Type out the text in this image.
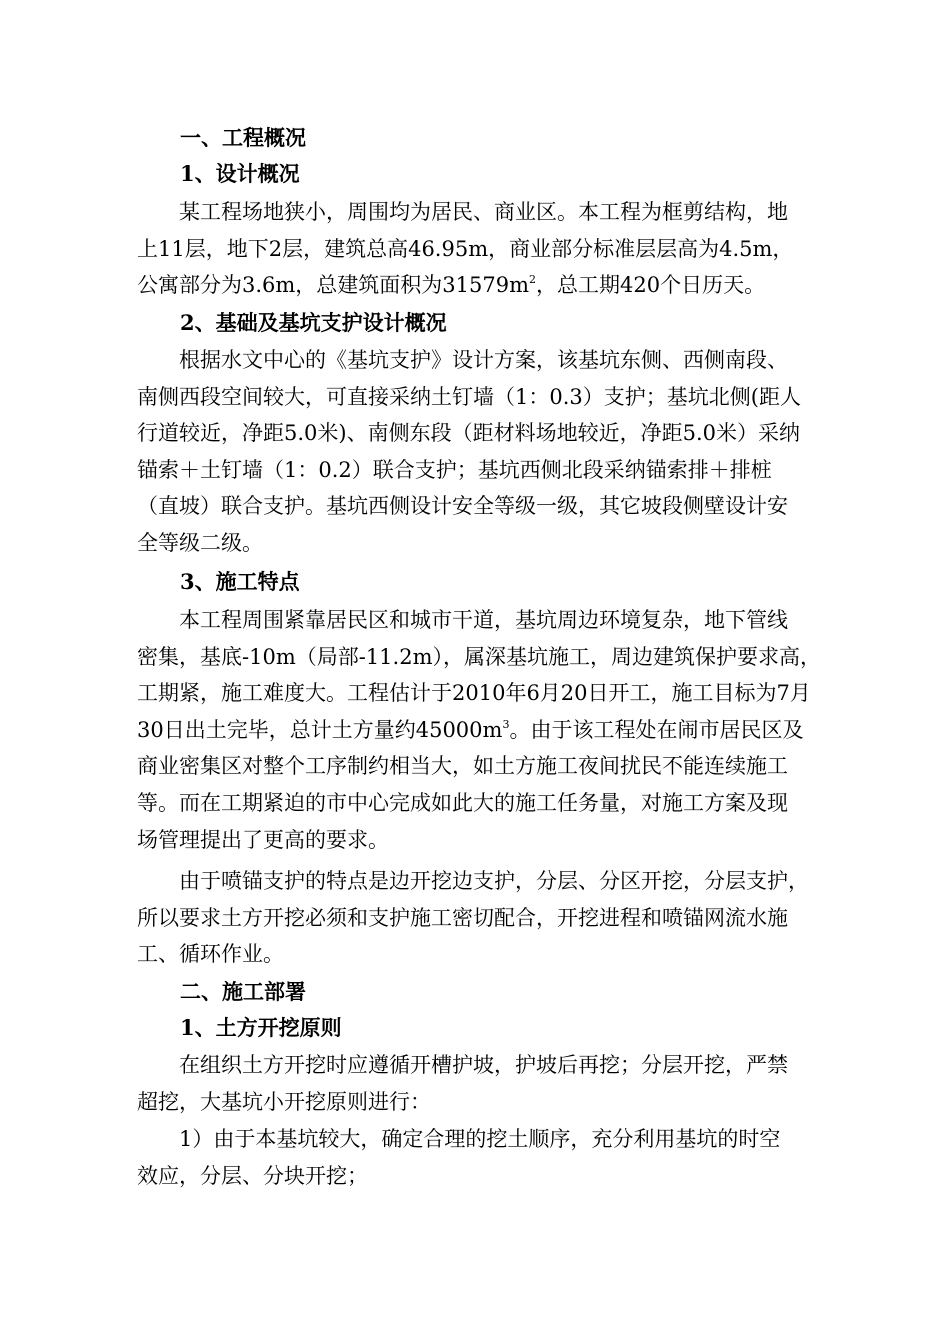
一、工程概况

1、设计概况

某工程场地狭小，周围均为居民、商业区。本工程为框剪结构，地
上11层，地下2层，建筑总高46.95m，商业部分标准层层高为4.5m，
公寓部分为3.6m，总建筑面积为$31579m^2$，总工期420个日历天。

2、基础及基坑支护设计概况

根据水文中心的《基坑支护》设计方案，该基坑东侧、西侧南段、
南侧西段空间较大，可直接采纳土钉墙（1：0.3）支护；基坑北侧(距人
行道较近，净距5.0米)、南侧东段（距材料场地较近，净距5.0米）采纳
锚索＋土钉墙（1：0.2）联合支护；基坑西侧北段采纳锚索排＋排桩
（直坡）联合支护。基坑西侧设计安全等级一级，其它坡段侧壁设计安
全等级二级。

3、施工特点

本工程周围紧靠居民区和城市干道，基坑周边环境复杂，地下管线
密集，基底-10m（局部-11.2m），属深基坑施工，周边建筑保护要求高，
工期紧，施工难度大。工程估计于2010年6月20日开工，施工目标为7月
30日出土完毕，总计土方量约$45000m^3$。由于该工程处在闹市居民区及
商业密集区对整个工序制约相当大，如土方施工夜间扰民不能连续施工
等。而在工期紧迫的市中心完成如此大的施工任务量，对施工方案及现
场管理提出了更高的要求。
由于喷锚支护的特点是边开挖边支护，分层、分区开挖，分层支护，
所以要求土方开挖必须和支护施工密切配合，开挖进程和喷锚网流水施
工、循环作业。

二、施工部署

1、土方开挖原则

在组织土方开挖时应遵循开槽护坡，护坡后再挖；分层开挖，严禁
超挖，大基坑小开挖原则进行：
1）由于本基坑较大，确定合理的挖土顺序，充分利用基坑的时空
效应，分层、分块开挖；
